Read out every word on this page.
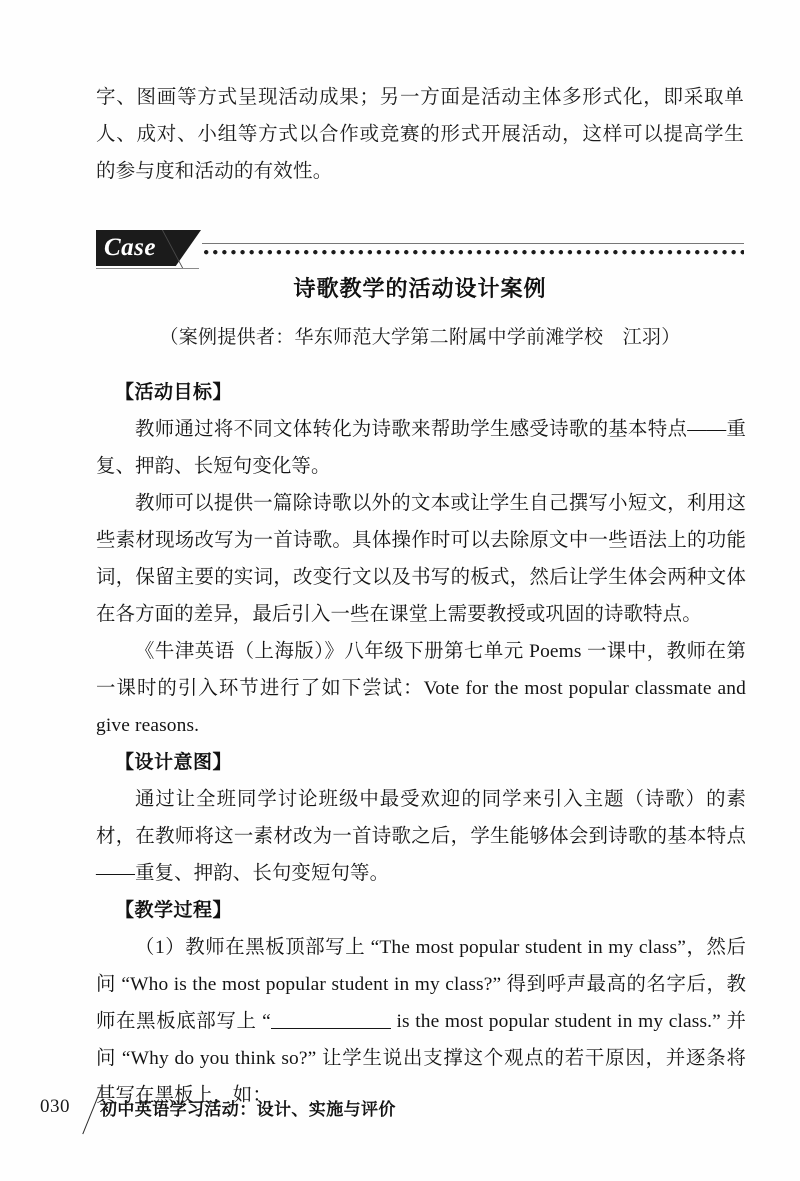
字、图画等方式呈现活动成果；另一方面是活动主体多形式化，即采取单人、成对、小组等方式以合作或竞赛的形式开展活动，这样可以提高学生的参与度和活动的有效性。
Case
诗歌教学的活动设计案例
（案例提供者：华东师范大学第二附属中学前滩学校　江羽）
【活动目标】
教师通过将不同文体转化为诗歌来帮助学生感受诗歌的基本特点——重复、押韵、长短句变化等。
教师可以提供一篇除诗歌以外的文本或让学生自己撰写小短文，利用这些素材现场改写为一首诗歌。具体操作时可以去除原文中一些语法上的功能词，保留主要的实词，改变行文以及书写的板式，然后让学生体会两种文体在各方面的差异，最后引入一些在课堂上需要教授或巩固的诗歌特点。
《牛津英语（上海版）》八年级下册第七单元 Poems 一课中，教师在第一课时的引入环节进行了如下尝试：Vote for the most popular classmate and give reasons.
【设计意图】
通过让全班同学讨论班级中最受欢迎的同学来引入主题（诗歌）的素材，在教师将这一素材改为一首诗歌之后，学生能够体会到诗歌的基本特点——重复、押韵、长句变短句等。
【教学过程】
（1）教师在黑板顶部写上 “The most popular student in my class”，然后问 “Who is the most popular student in my class?” 得到呼声最高的名字后，教师在黑板底部写上 “	is the most popular student in my class.” 并问 “Why do you think so?” 让学生说出支撑这个观点的若干原因，并逐条将其写在黑板上，如：
030 初中英语学习活动：设计、实施与评价
